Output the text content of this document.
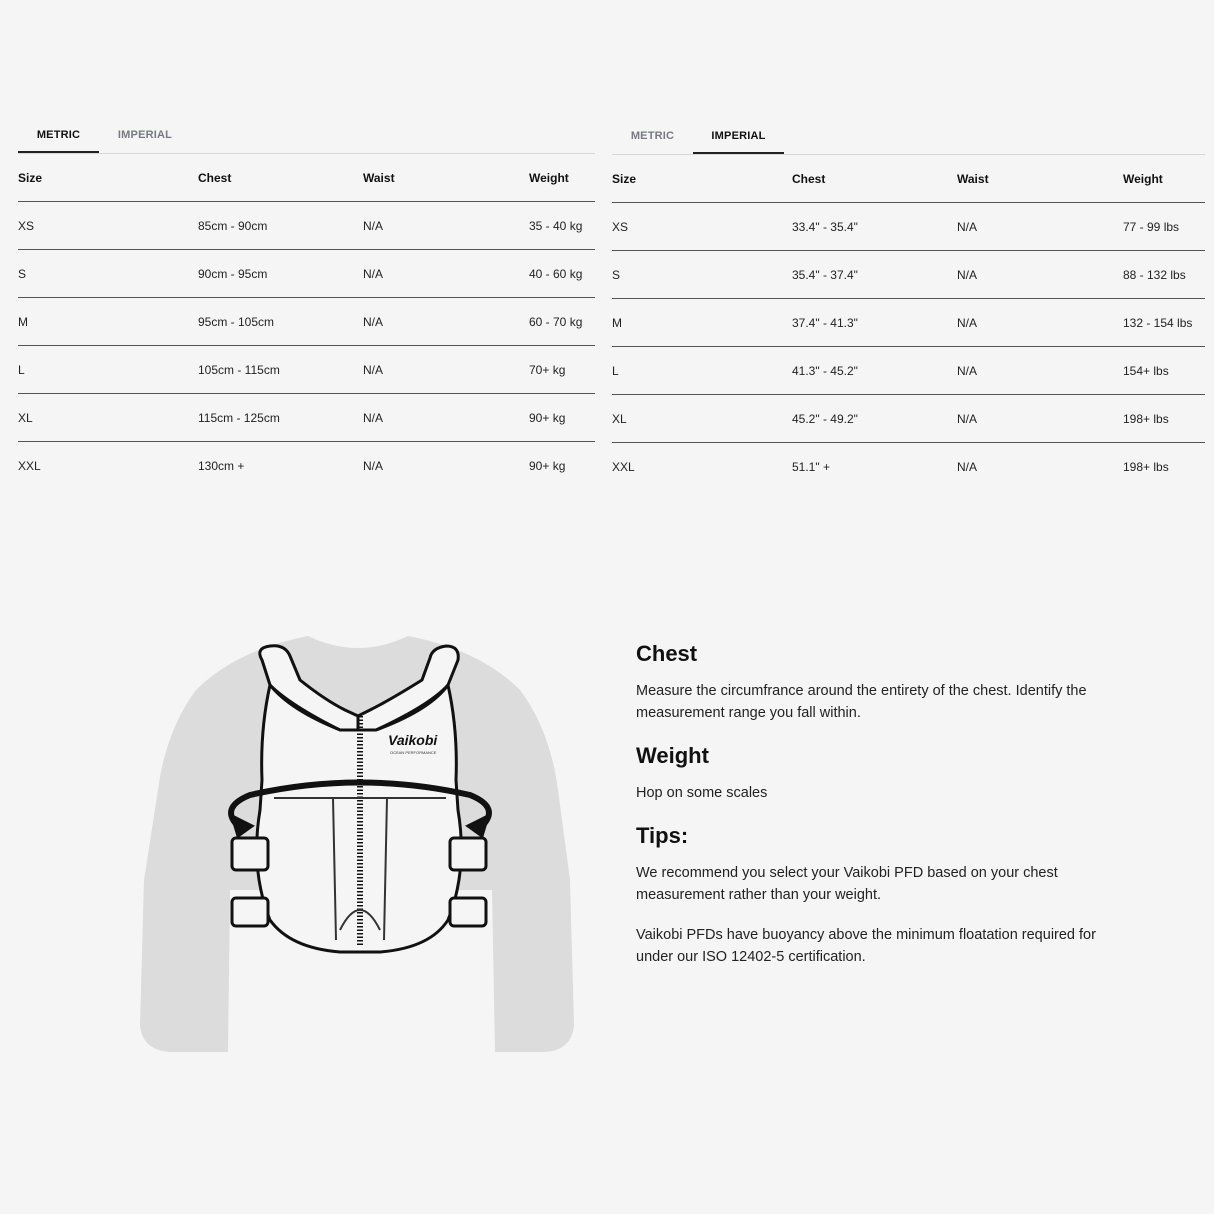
METRIC	IMPERIAL
Size	Chest	Waist	Weight
XS	85cm - 90cm	N/A	35 - 40 kg
S	90cm - 95cm	N/A	40 - 60 kg
M	95cm - 105cm	N/A	60 - 70 kg
L	105cm - 115cm	N/A	70+ kg
XL	115cm - 125cm	N/A	90+ kg
XXL	130cm +	N/A	90+ kg
METRIC	IMPERIAL
Size	Chest	Waist	Weight
XS	33.4" - 35.4"	N/A	77 - 99 lbs
S	35.4" - 37.4"	N/A	88 - 132 lbs
M	37.4" - 41.3"	N/A	132 - 154 lbs
L	41.3" - 45.2"	N/A	154+ lbs
XL	45.2" - 49.2"	N/A	198+ lbs
XXL	51.1" +	N/A	198+ lbs
Vaikobi
OCEAN PERFORMANCE
Chest

Measure the circumfrance around the entirety of the chest. Identify the measurement range you fall within.

Weight

Hop on some scales

Tips:

We recommend you select your Vaikobi PFD based on your chest measurement rather than your weight.

Vaikobi PFDs have buoyancy above the minimum floatation required for under our ISO 12402-5 certification.
